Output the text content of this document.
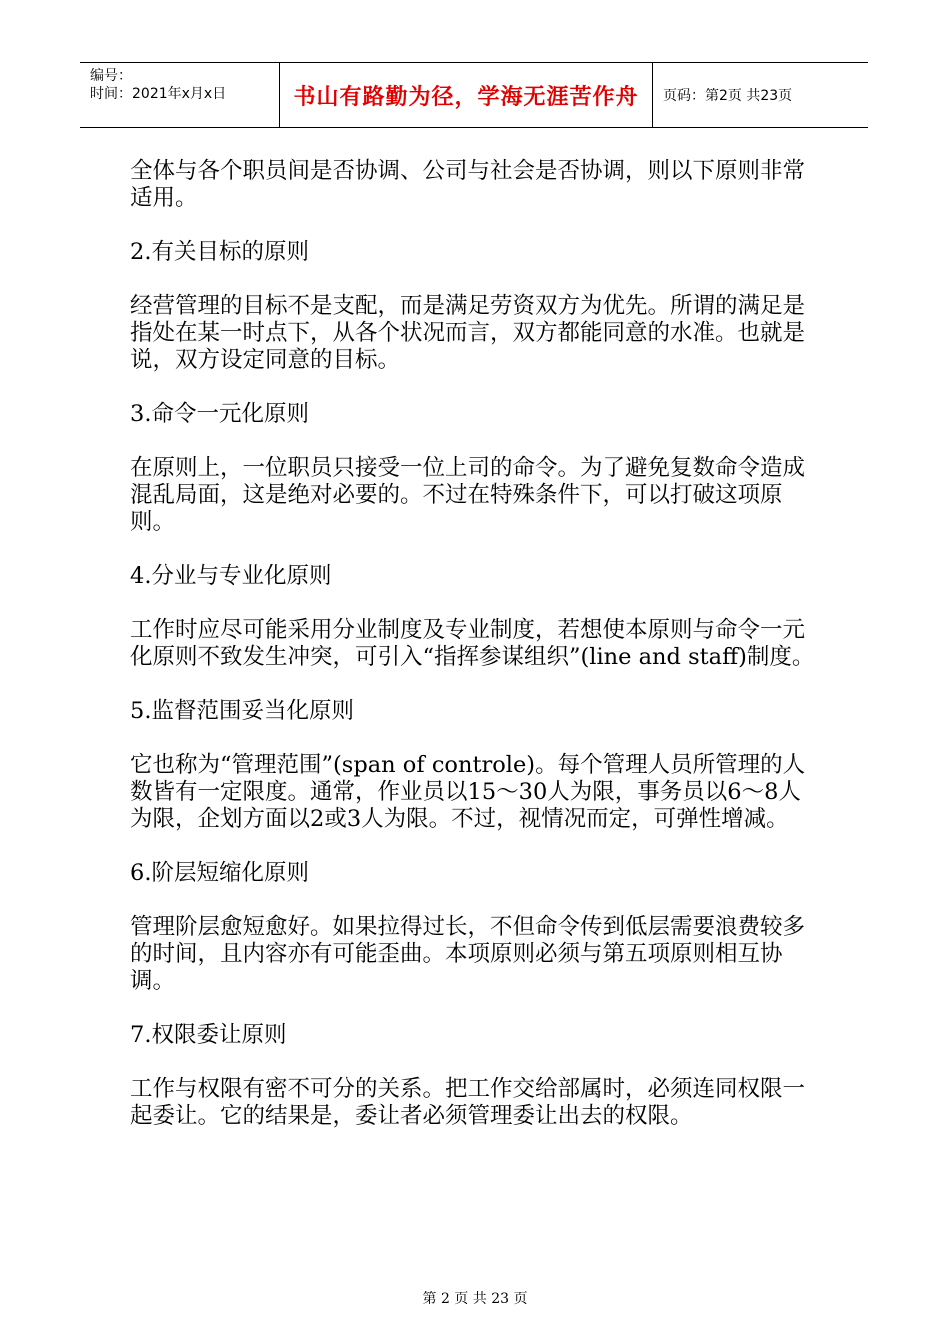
编号：
时间：2021年x月x日	书山有路勤为径，学海无涯苦作舟	页码：第2页 共23页

全体与各个职员间是否协调、公司与社会是否协调，则以下原则非常适用。

2.有关目标的原则

经营管理的目标不是支配，而是满足劳资双方为优先。所谓的满足是指处在某一时点下，从各个状况而言，双方都能同意的水准。也就是说，双方设定同意的目标。

3.命令一元化原则

在原则上，一位职员只接受一位上司的命令。为了避免复数命令造成混乱局面，这是绝对必要的。不过在特殊条件下，可以打破这项原则。

4.分业与专业化原则

工作时应尽可能采用分业制度及专业制度，若想使本原则与命令一元化原则不致发生冲突，可引入“指挥参谋组织”(line and staff)制度。

5.监督范围妥当化原则

它也称为“管理范围”(span of controle)。每个管理人员所管理的人数皆有一定限度。通常，作业员以15～30人为限，事务员以6～8人为限，企划方面以2或3人为限。不过，视情况而定，可弹性增减。

6.阶层短缩化原则

管理阶层愈短愈好。如果拉得过长，不但命令传到低层需要浪费较多的时间，且内容亦有可能歪曲。本项原则必须与第五项原则相互协调。

7.权限委让原则

工作与权限有密不可分的关系。把工作交给部属时，必须连同权限一起委让。它的结果是，委让者必须管理委让出去的权限。

第 2 页 共 23 页
